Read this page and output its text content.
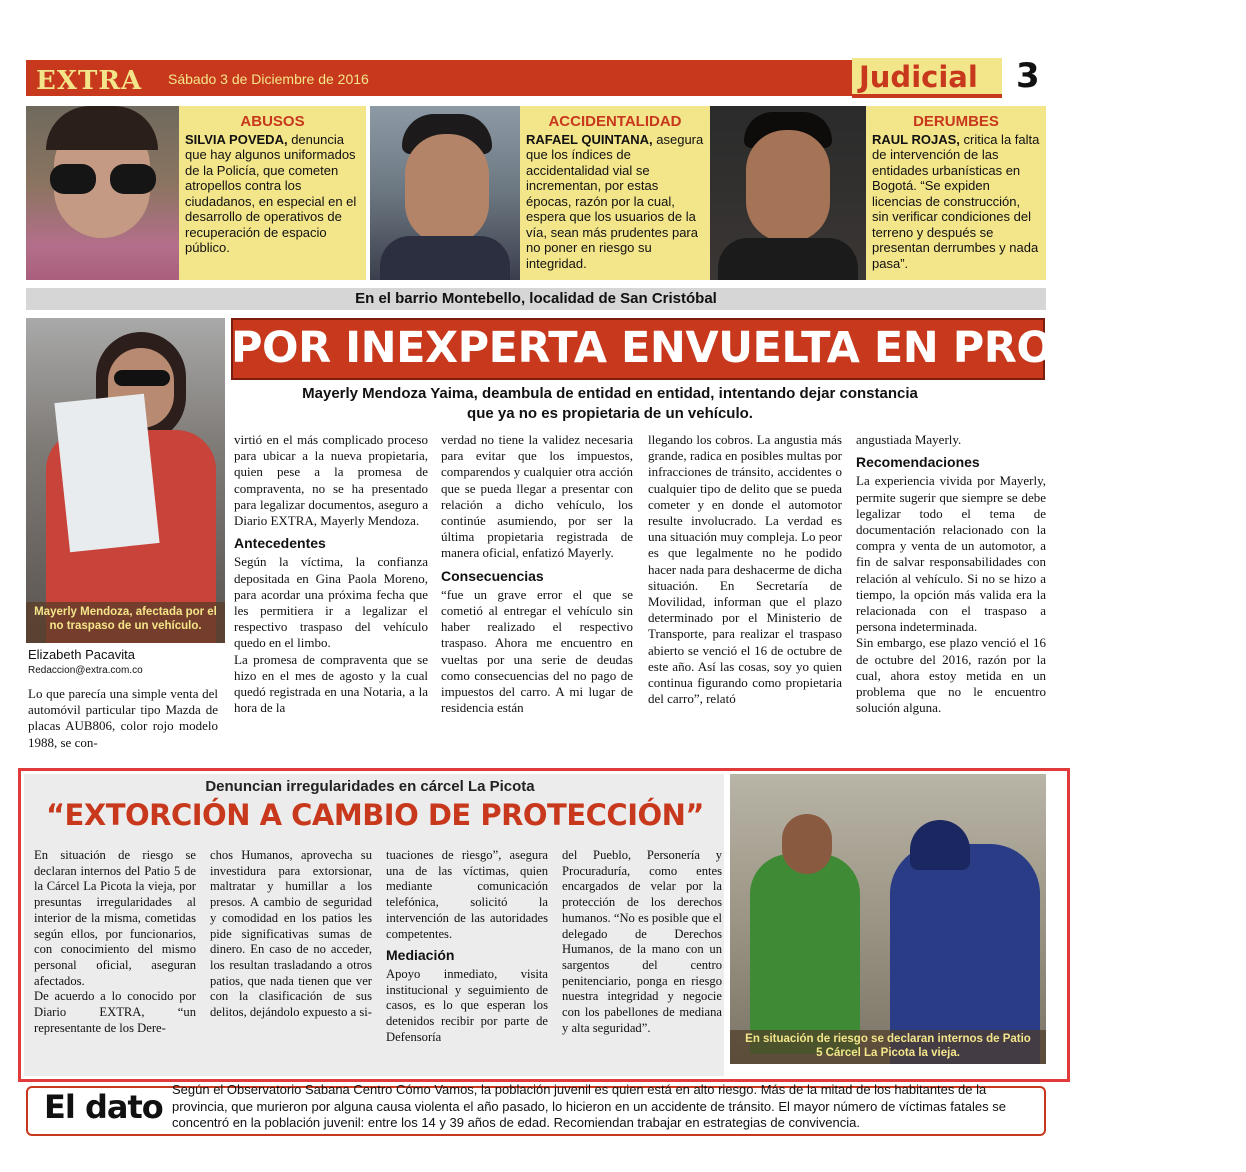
EXTRA Sábado 3 de Diciembre de 2016	Judicial 3
ABUSOS
SILVIA POVEDA, denuncia que hay algunos uniformados de la Policía, que cometen atropellos contra los ciudadanos, en especial en el desarrollo de operativos de recuperación de espacio público.
ACCIDENTALIDAD
RAFAEL QUINTANA, asegura que los índices de accidentalidad vial se incrementan, por estas épocas, razón por la cual, espera que los usuarios de la vía, sean más prudentes para no poner en riesgo su integridad.
DERUMBES
RAUL ROJAS, critica la falta de intervención de las entidades urbanísticas en Bogotá. “Se expiden licencias de construcción, sin verificar condiciones del terreno y después se presentan derrumbes y nada pasa”.
En el barrio Montebello, localidad de San Cristóbal
Mayerly Mendoza, afectada por el no traspaso de un vehículo.
Elizabeth Pacavita
Redaccion@extra.com.co
POR INEXPERTA ENVUELTA EN PROBLEMAS
Mayerly Mendoza Yaima, deambula de entidad en entidad, intentando dejar constancia que ya no es propietaria de un vehículo.

Lo que parecía una simple venta del automóvil particular tipo Mazda de placas AUB806, color rojo modelo 1988, se con-

virtió en el más complicado proceso para ubicar a la nueva propietaria, quien pese a la promesa de compraventa, no se ha presentado para legalizar documentos, aseguro a Diario EXTRA, Mayerly Mendoza.

Antecedentes

Según la víctima, la confianza depositada en Gina Paola Moreno, para acordar una próxima fecha que les permitiera ir a legalizar el respectivo traspaso del vehículo quedo en el limbo.

La promesa de compraventa que se hizo en el mes de agosto y la cual quedó registrada en una Notaria, a la hora de la

verdad no tiene la validez necesaria para evitar que los impuestos, comparendos y cualquier otra acción que se pueda llegar a presentar con relación a dicho vehículo, los continúe asumiendo, por ser la última propietaria registrada de manera oficial, enfatizó Mayerly.

Consecuencias

“fue un grave error el que se cometió al entregar el vehículo sin haber realizado el respectivo traspaso. Ahora me encuentro en vueltas por una serie de deudas como consecuencias del no pago de impuestos del carro. A mi lugar de residencia están

llegando los cobros. La angustia más grande, radica en posibles multas por infracciones de tránsito, accidentes o cualquier tipo de delito que se pueda cometer y en donde el automotor resulte involucrado. La verdad es una situación muy compleja. Lo peor es que legalmente no he podido hacer nada para deshacerme de dicha situación. En Secretaría de Movilidad, informan que el plazo determinado por el Ministerio de Transporte, para realizar el traspaso abierto se venció el 16 de octubre de este año. Así las cosas, soy yo quien continua figurando como propietaria del carro”, relató

angustiada Mayerly.

Recomendaciones

La experiencia vivida por Mayerly, permite sugerir que siempre se debe legalizar todo el tema de documentación relacionado con la compra y venta de un automotor, a fin de salvar responsabilidades con relación al vehículo. Si no se hizo a tiempo, la opción más valida era la relacionada con el traspaso a persona indeterminada.

Sin embargo, ese plazo venció el 16 de octubre del 2016, razón por la cual, ahora estoy metida en un problema que no le encuentro solución alguna.

Denuncian irregularidades en cárcel La Picota
“EXTORCIÓN A CAMBIO DE PROTECCIÓN”

En situación de riesgo se declaran internos del Patio 5 de la Cárcel La Picota la vieja, por presuntas irregularidades al interior de la misma, cometidas según ellos, por funcionarios, con conocimiento del mismo personal oficial, aseguran afectados.

De acuerdo a lo conocido por Diario EXTRA, “un representante de los Dere-

chos Humanos, aprovecha su investidura para extorsionar, maltratar y humillar a los presos. A cambio de seguridad y comodidad en los patios les pide significativas sumas de dinero. En caso de no acceder, los resultan trasladando a otros patios, que nada tienen que ver con la clasificación de sus delitos, dejándolo expuesto a si-

tuaciones de riesgo”, asegura una de las víctimas, quien mediante comunicación telefónica, solicitó la intervención de las autoridades competentes.

Mediación

Apoyo inmediato, visita institucional y seguimiento de casos, es lo que esperan los detenidos recibir por parte de Defensoría

del Pueblo, Personería y Procuraduría, como entes encargados de velar por la protección de los derechos humanos. “No es posible que el delegado de Derechos Humanos, de la mano con un sargentos del centro penitenciario, ponga en riesgo nuestra integridad y negocie con los pabellones de mediana y alta seguridad”.

En situación de riesgo se declaran internos de Patio 5 Cárcel La Picota la vieja.
El dato Según el Observatorio Sabana Centro Cómo Vamos, la población juvenil es quien está en alto riesgo. Más de la mitad de los habitantes de la provincia, que murieron por alguna causa violenta el año pasado, lo hicieron en un accidente de tránsito. El mayor número de víctimas fatales se concentró en la población juvenil: entre los 14 y 39 años de edad. Recomiendan trabajar en estrategias de convivencia.
